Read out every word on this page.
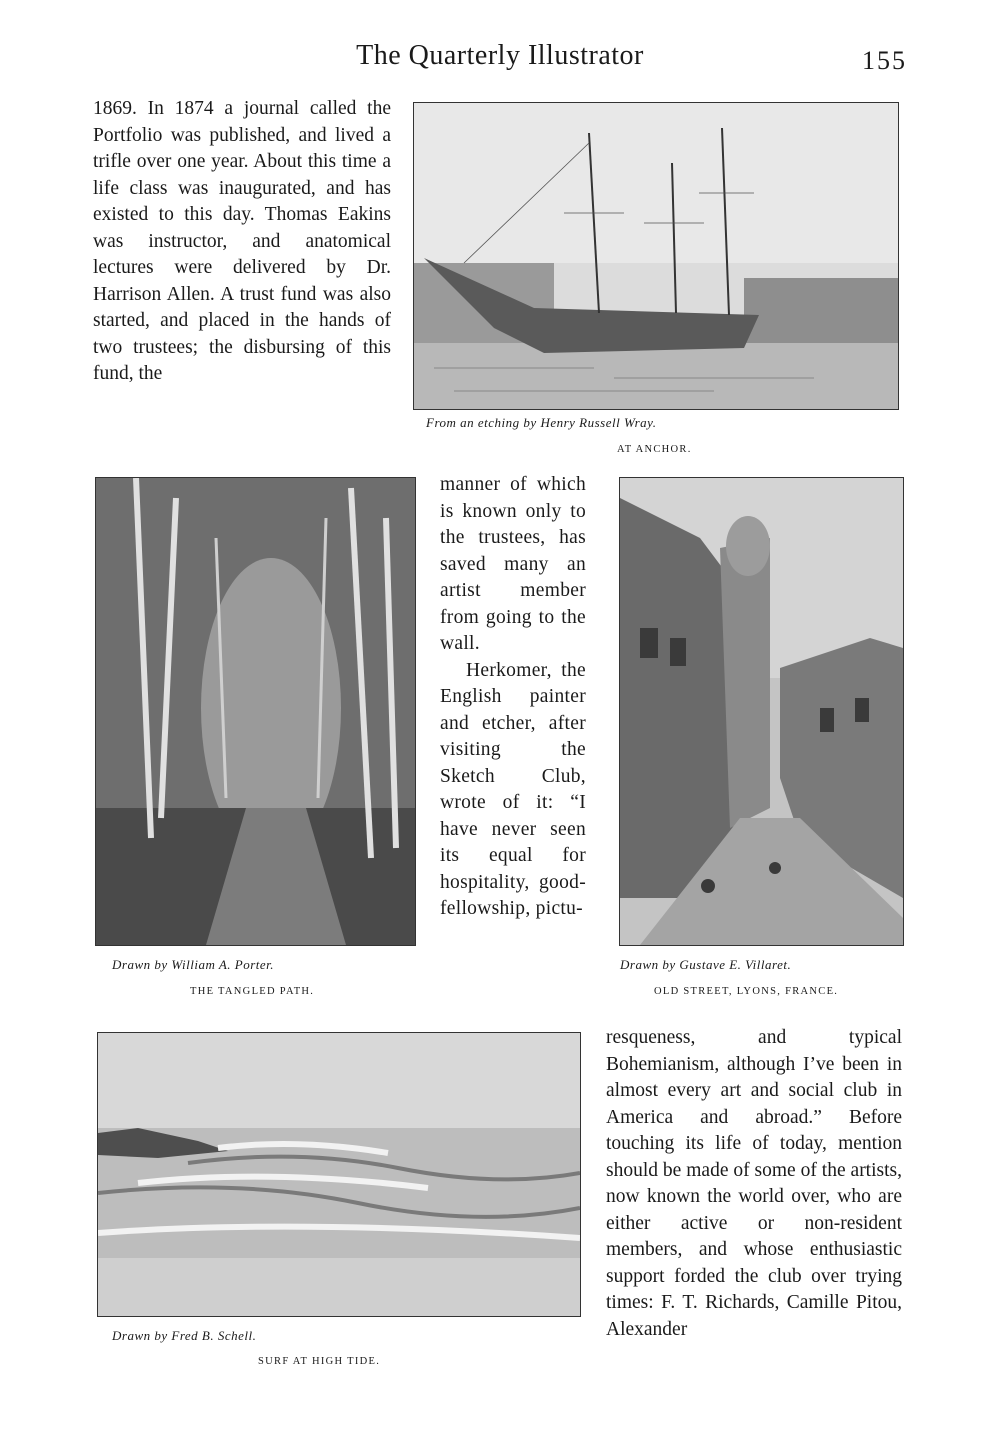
The Quarterly Illustrator	155

1869. In 1874 a journal called the Portfolio was published, and lived a trifle over one year. About this time a life class was inaugurated, and has existed to this day. Thomas Eakins was instructor, and anatomical lectures were delivered by Dr. Harrison Allen. A trust fund was also started, and placed in the hands of two trustees; the disbursing of this fund, the

From an etching by Henry Russell Wray.
AT ANCHOR.
Drawn by William A. Porter.
THE TANGLED PATH.

manner of which is known only to the trustees, has saved many an artist member from going to the wall.

Herkomer, the English painter and etcher, after visiting the Sketch Club, wrote of it: “I have never seen its equal for hospitality, good-fellowship, pictu-

Drawn by Gustave E. Villaret.
OLD STREET, LYONS, FRANCE.
Drawn by Fred B. Schell.
SURF AT HIGH TIDE.

resqueness, and typical Bohemianism, although I’ve been in almost every art and social club in America and abroad.” Before touching its life of today, mention should be made of some of the artists, now known the world over, who are either active or non-resident members, and whose enthusiastic support forded the club over trying times: F. T. Richards, Camille Pitou, Alexander
